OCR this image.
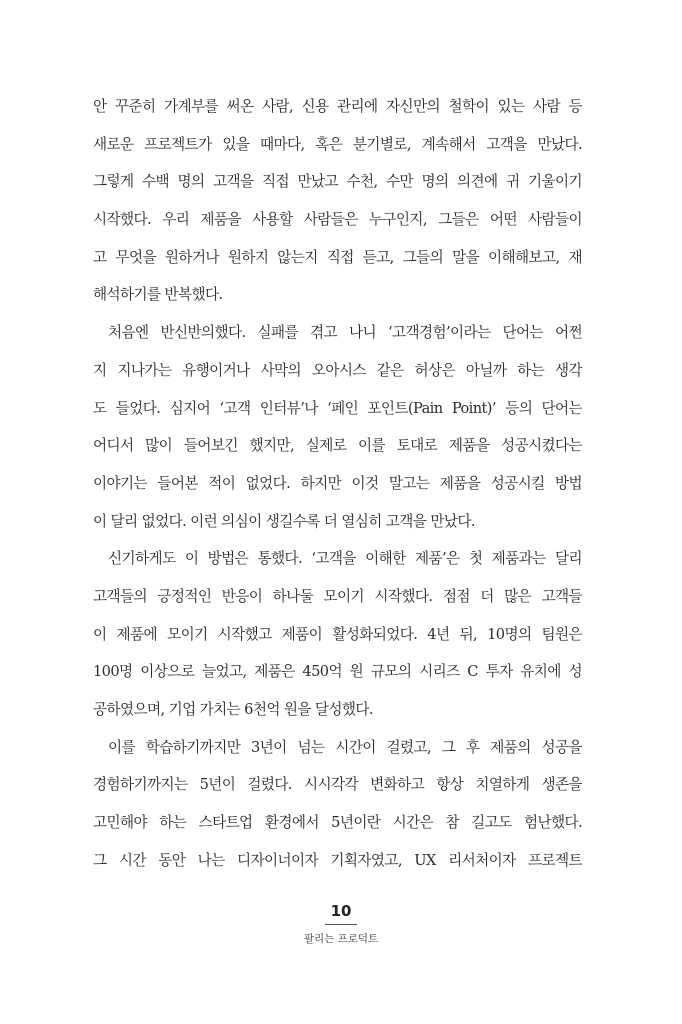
안 꾸준히 가계부를 써온 사람, 신용 관리에 자신만의 철학이 있는 사람 등
새로운 프로젝트가 있을 때마다, 혹은 분기별로, 계속해서 고객을 만났다.
그렇게 수백 명의 고객을 직접 만났고 수천, 수만 명의 의견에 귀 기울이기
시작했다. 우리 제품을 사용할 사람들은 누구인지, 그들은 어떤 사람들이
고 무엇을 원하거나 원하지 않는지 직접 듣고, 그들의 말을 이해해보고, 재
해석하기를 반복했다.
처음엔 반신반의했다. 실패를 겪고 나니 ‘고객경험’이라는 단어는 어쩐
지 지나가는 유행이거나 사막의 오아시스 같은 허상은 아닐까 하는 생각
도 들었다. 심지어 ‘고객 인터뷰’나 ‘페인 포인트(Pain Point)’ 등의 단어는
어디서 많이 들어보긴 했지만, 실제로 이를 토대로 제품을 성공시켰다는
이야기는 들어본 적이 없었다. 하지만 이것 말고는 제품을 성공시킬 방법
이 달리 없었다. 이런 의심이 생길수록 더 열심히 고객을 만났다.
신기하게도 이 방법은 통했다. ‘고객을 이해한 제품’은 첫 제품과는 달리
고객들의 긍정적인 반응이 하나둘 모이기 시작했다. 점점 더 많은 고객들
이 제품에 모이기 시작했고 제품이 활성화되었다. 4년 뒤, 10명의 팀원은
100명 이상으로 늘었고, 제품은 450억 원 규모의 시리즈 C 투자 유치에 성
공하였으며, 기업 가치는 6천억 원을 달성했다.
이를 학습하기까지만 3년이 넘는 시간이 걸렸고, 그 후 제품의 성공을
경험하기까지는 5년이 걸렸다. 시시각각 변화하고 항상 치열하게 생존을
고민해야 하는 스타트업 환경에서 5년이란 시간은 참 길고도 험난했다.
그 시간 동안 나는 디자이너이자 기획자였고, UX 리서처이자 프로젝트
10
팔리는 프로덕트
